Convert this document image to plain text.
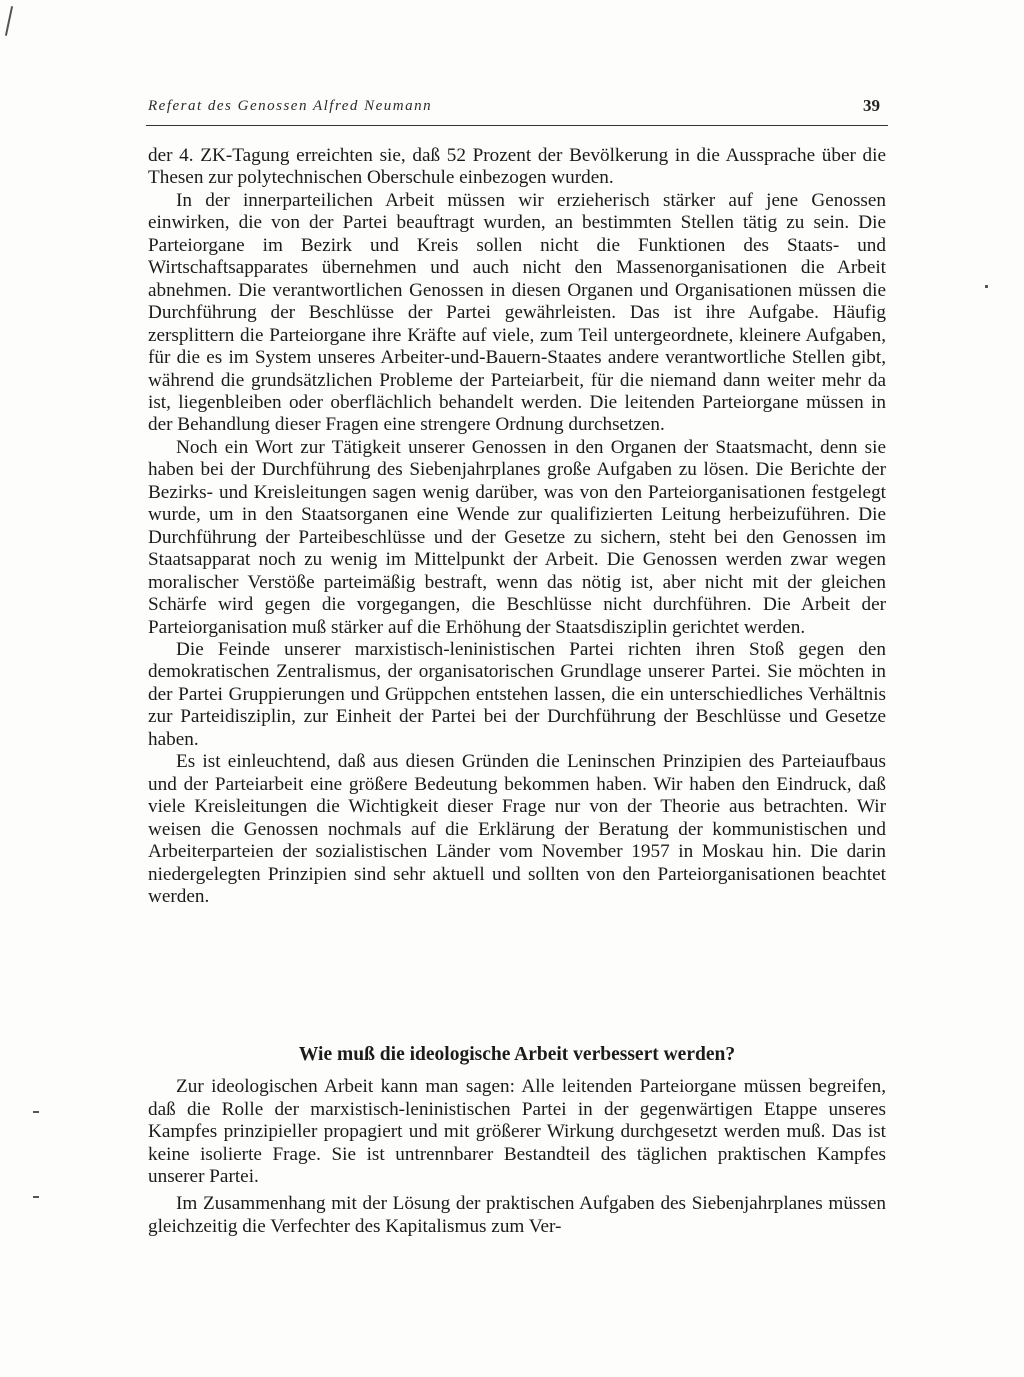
Referat des Genossen Alfred Neumann	39

der 4. ZK-Tagung erreichten sie, daß 52 Prozent der Bevölkerung in die Aussprache über die Thesen zur polytechnischen Oberschule einbezogen wurden.

In der innerparteilichen Arbeit müssen wir erzieherisch stärker auf jene Genossen einwirken, die von der Partei beauftragt wurden, an bestimmten Stellen tätig zu sein. Die Parteiorgane im Bezirk und Kreis sollen nicht die Funktionen des Staats- und Wirtschaftsapparates übernehmen und auch nicht den Massenorganisationen die Arbeit abnehmen. Die verantwortlichen Genossen in diesen Organen und Organisationen müssen die Durchführung der Beschlüsse der Partei gewährleisten. Das ist ihre Aufgabe. Häufig zersplittern die Parteiorgane ihre Kräfte auf viele, zum Teil untergeordnete, kleinere Aufgaben, für die es im System unseres Arbeiter-und-Bauern-Staates andere verantwortliche Stellen gibt, während die grundsätzlichen Probleme der Parteiarbeit, für die niemand dann weiter mehr da ist, liegenbleiben oder oberflächlich behandelt werden. Die leitenden Parteiorgane müssen in der Behandlung dieser Fragen eine strengere Ordnung durchsetzen.

Noch ein Wort zur Tätigkeit unserer Genossen in den Organen der Staatsmacht, denn sie haben bei der Durchführung des Siebenjahrplanes große Aufgaben zu lösen. Die Berichte der Bezirks- und Kreisleitungen sagen wenig darüber, was von den Parteiorganisationen festgelegt wurde, um in den Staatsorganen eine Wende zur qualifizierten Leitung herbeizuführen. Die Durchführung der Parteibeschlüsse und der Gesetze zu sichern, steht bei den Genossen im Staatsapparat noch zu wenig im Mittelpunkt der Arbeit. Die Genossen werden zwar wegen moralischer Verstöße parteimäßig bestraft, wenn das nötig ist, aber nicht mit der gleichen Schärfe wird gegen die vorgegangen, die Beschlüsse nicht durchführen. Die Arbeit der Parteiorganisation muß stärker auf die Erhöhung der Staatsdisziplin gerichtet werden.

Die Feinde unserer marxistisch-leninistischen Partei richten ihren Stoß gegen den demokratischen Zentralismus, der organisatorischen Grundlage unserer Partei. Sie möchten in der Partei Gruppierungen und Grüppchen entstehen lassen, die ein unterschiedliches Verhältnis zur Parteidisziplin, zur Einheit der Partei bei der Durchführung der Beschlüsse und Gesetze haben.

Es ist einleuchtend, daß aus diesen Gründen die Leninschen Prinzipien des Parteiaufbaus und der Parteiarbeit eine größere Bedeutung bekommen haben. Wir haben den Eindruck, daß viele Kreisleitungen die Wichtigkeit dieser Frage nur von der Theorie aus betrachten. Wir weisen die Genossen nochmals auf die Erklärung der Beratung der kommunistischen und Arbeiterparteien der sozialistischen Länder vom November 1957 in Moskau hin. Die darin niedergelegten Prinzipien sind sehr aktuell und sollten von den Parteiorganisationen beachtet werden.

Wie muß die ideologische Arbeit verbessert werden?

Zur ideologischen Arbeit kann man sagen: Alle leitenden Parteiorgane müssen begreifen, daß die Rolle der marxistisch-leninistischen Partei in der gegenwärtigen Etappe unseres Kampfes prinzipieller propagiert und mit größerer Wirkung durchgesetzt werden muß. Das ist keine isolierte Frage. Sie ist untrennbarer Bestandteil des täglichen praktischen Kampfes unserer Partei.

Im Zusammenhang mit der Lösung der praktischen Aufgaben des Siebenjahrplanes müssen gleichzeitig die Verfechter des Kapitalismus zum Ver-
